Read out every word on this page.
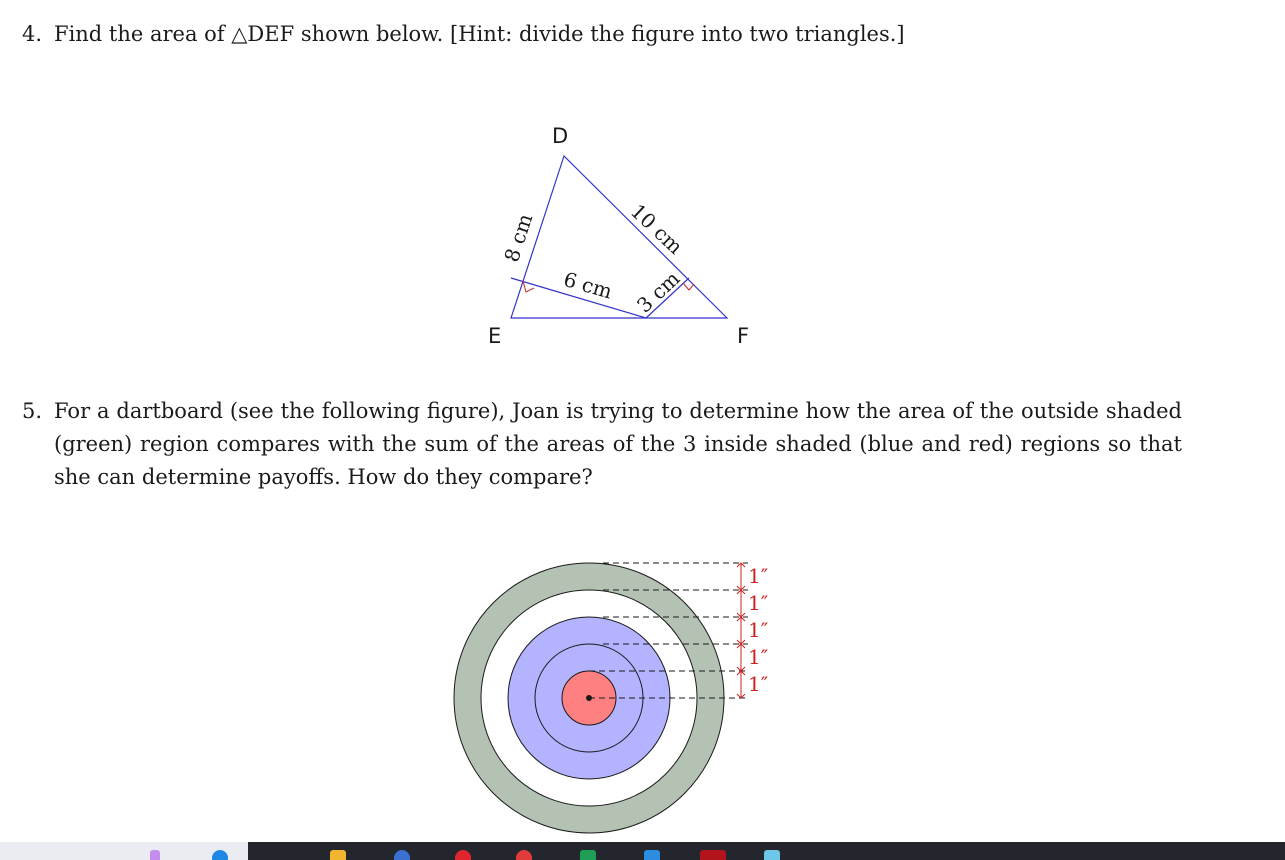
4. Find the area of △DEF shown below. [Hint: divide the figure into two triangles.]
D
E	F
8 cm	10 cm
6 cm 3 cm
5. For a dartboard (see the following figure), Joan is trying to determine how the area of the outside shaded (green) region compares with the sum of the areas of the 3 inside shaded (blue and red) regions so that she can determine payoffs. How do they compare?
1″
1″
1″
1″
1″
